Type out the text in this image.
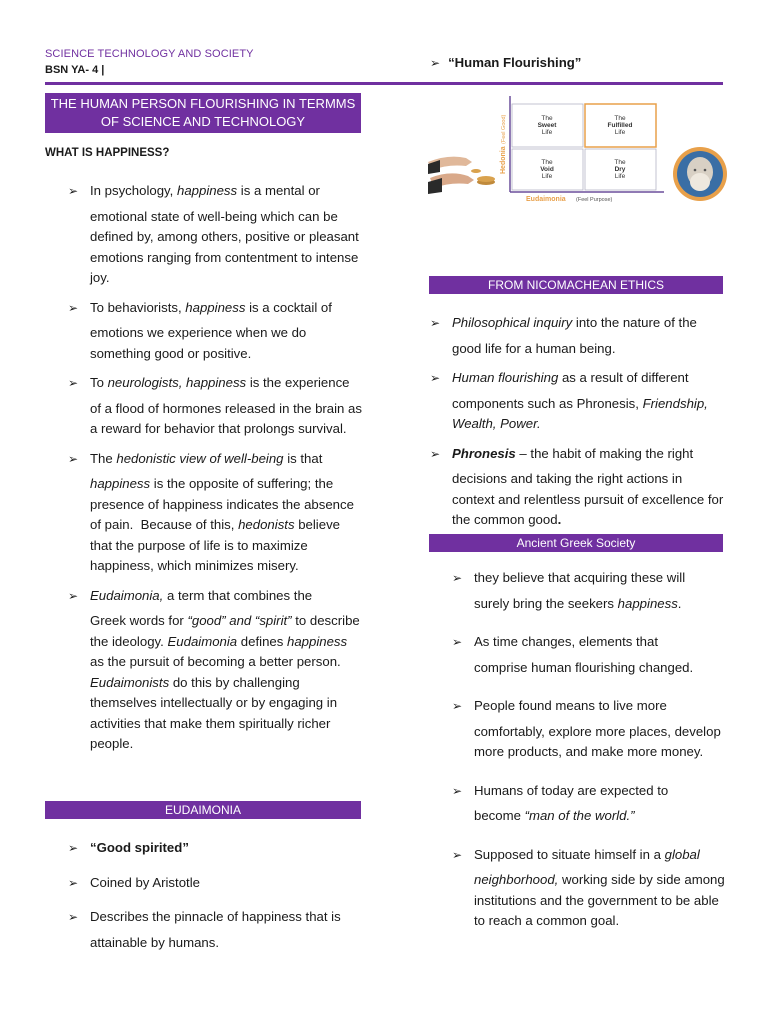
SCIENCE TECHNOLOGY AND SOCIETY
BSN YA- 4 |
THE HUMAN PERSON FLOURISHING IN TERMMS
OF SCIENCE AND TECHNOLOGY
WHAT IS HAPPINESS?
➢ In psychology, happiness is a mental or
emotional state of well-being which can be defined by, among others, positive or pleasant emotions ranging from contentment to intense joy.
➢ To behaviorists, happiness is a cocktail of
emotions we experience when we do something good or positive.
➢ To neurologists, happiness is the experience
of a flood of hormones released in the brain as a reward for behavior that prolongs survival.
➢ The hedonistic view of well-being is that
happiness is the opposite of suffering; the presence of happiness indicates the absence of pain.  Because of this, hedonists believe that the purpose of life is to maximize happiness, which minimizes misery.
➢ Eudaimonia, a term that combines the
Greek words for “good” and “spirit” to describe the ideology. Eudaimonia defines happiness as the pursuit of becoming a better person. Eudaimonists do this by challenging themselves intellectually or by engaging in activities that make them spiritually richer people.
EUDAIMONIA
➢ “Good spirited”
➢ Coined by Aristotle
➢ Describes the pinnacle of happiness that is
attainable by humans.
➢ “Human Flourishing”
The
Sweet
Life
The
Fulfilled
Life
The
Void
Life
The
Dry
Life
Hedonia
(Feel Good)
Eudaimonia (Feel Purpose)
FROM NICOMACHEAN ETHICS
➢ Philosophical inquiry into the nature of the
good life for a human being.
➢ Human flourishing as a result of different
components such as Phronesis, Friendship, Wealth, Power.
➢ Phronesis – the habit of making the right
decisions and taking the right actions in context and relentless pursuit of excellence for the common good.
Ancient Greek Society
➢ they believe that acquiring these will
surely bring the seekers happiness.
➢ As time changes, elements that
comprise human flourishing changed.
➢ People found means to live more
comfortably, explore more places, develop more products, and make more money.
➢ Humans of today are expected to
become “man of the world.”
➢ Supposed to situate himself in a global
neighborhood, working side by side among institutions and the government to be able to reach a common goal.
